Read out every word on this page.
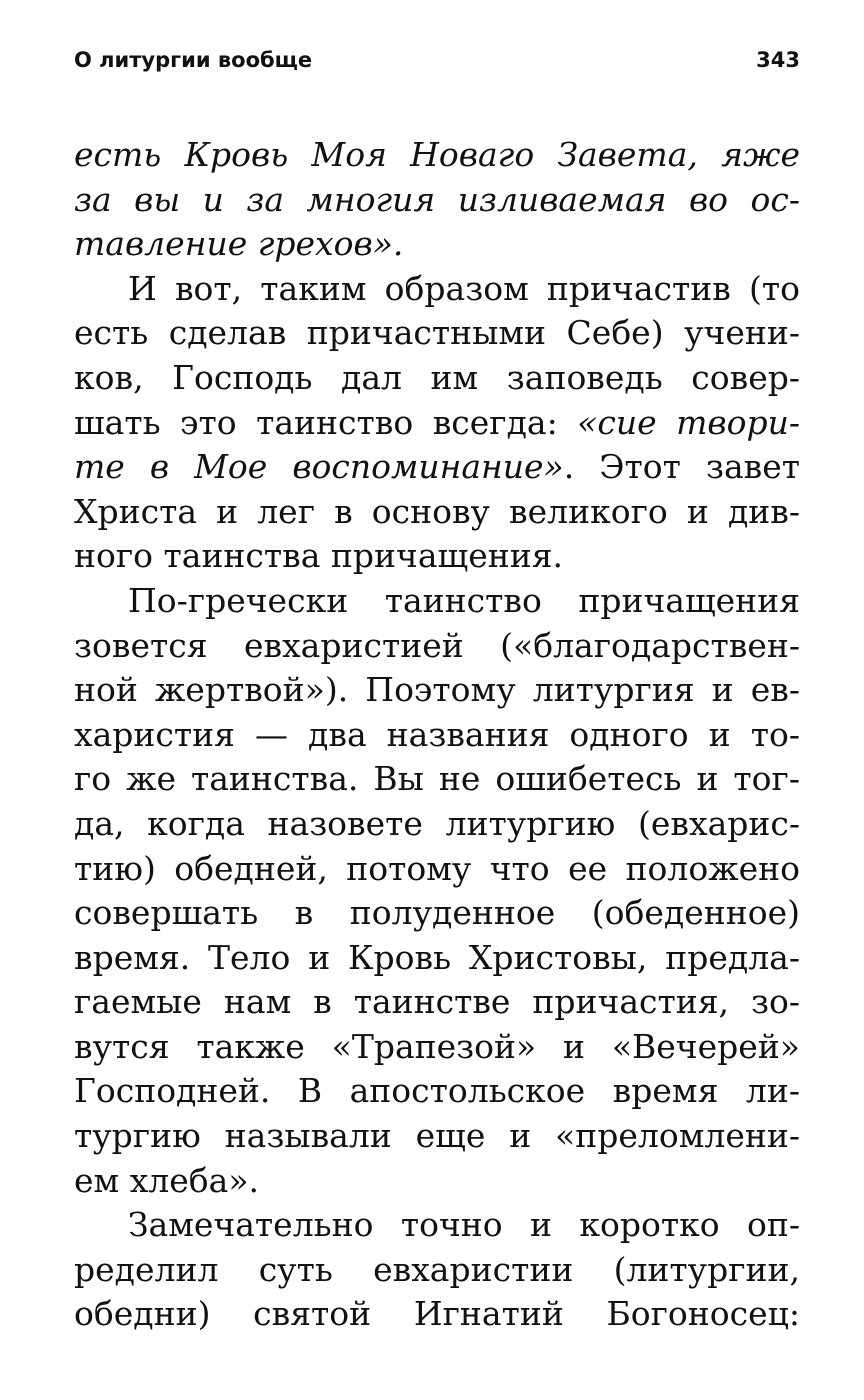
О литургии вообще	343
есть Кровь Моя Новаго Завета, яже
за вы и за многия изливаемая во ос-
тавление грехов».
И вот, таким образом причастив (то
есть сделав причастными Себе) учени-
ков, Господь дал им заповедь совер-
шать это таинство всегда: «сие твори-
те в Мое воспоминание». Этот завет
Христа и лег в основу великого и див-
ного таинства причащения.
По-гречески таинство причащения
зовется евхаристией («благодарствен-
ной жертвой»). Поэтому литургия и ев-
харистия — два названия одного и то-
го же таинства. Вы не ошибетесь и тог-
да, когда назовете литургию (евхарис-
тию) обедней, потому что ее положено
совершать в полуденное (обеденное)
время. Тело и Кровь Христовы, предла-
гаемые нам в таинстве причастия, зо-
вутся также «Трапезой» и «Вечерей»
Господней. В апостольское время ли-
тургию называли еще и «преломлени-
ем хлеба».
Замечательно точно и коротко оп-
ределил суть евхаристии (литургии,
обедни) святой Игнатий Богоносец:
